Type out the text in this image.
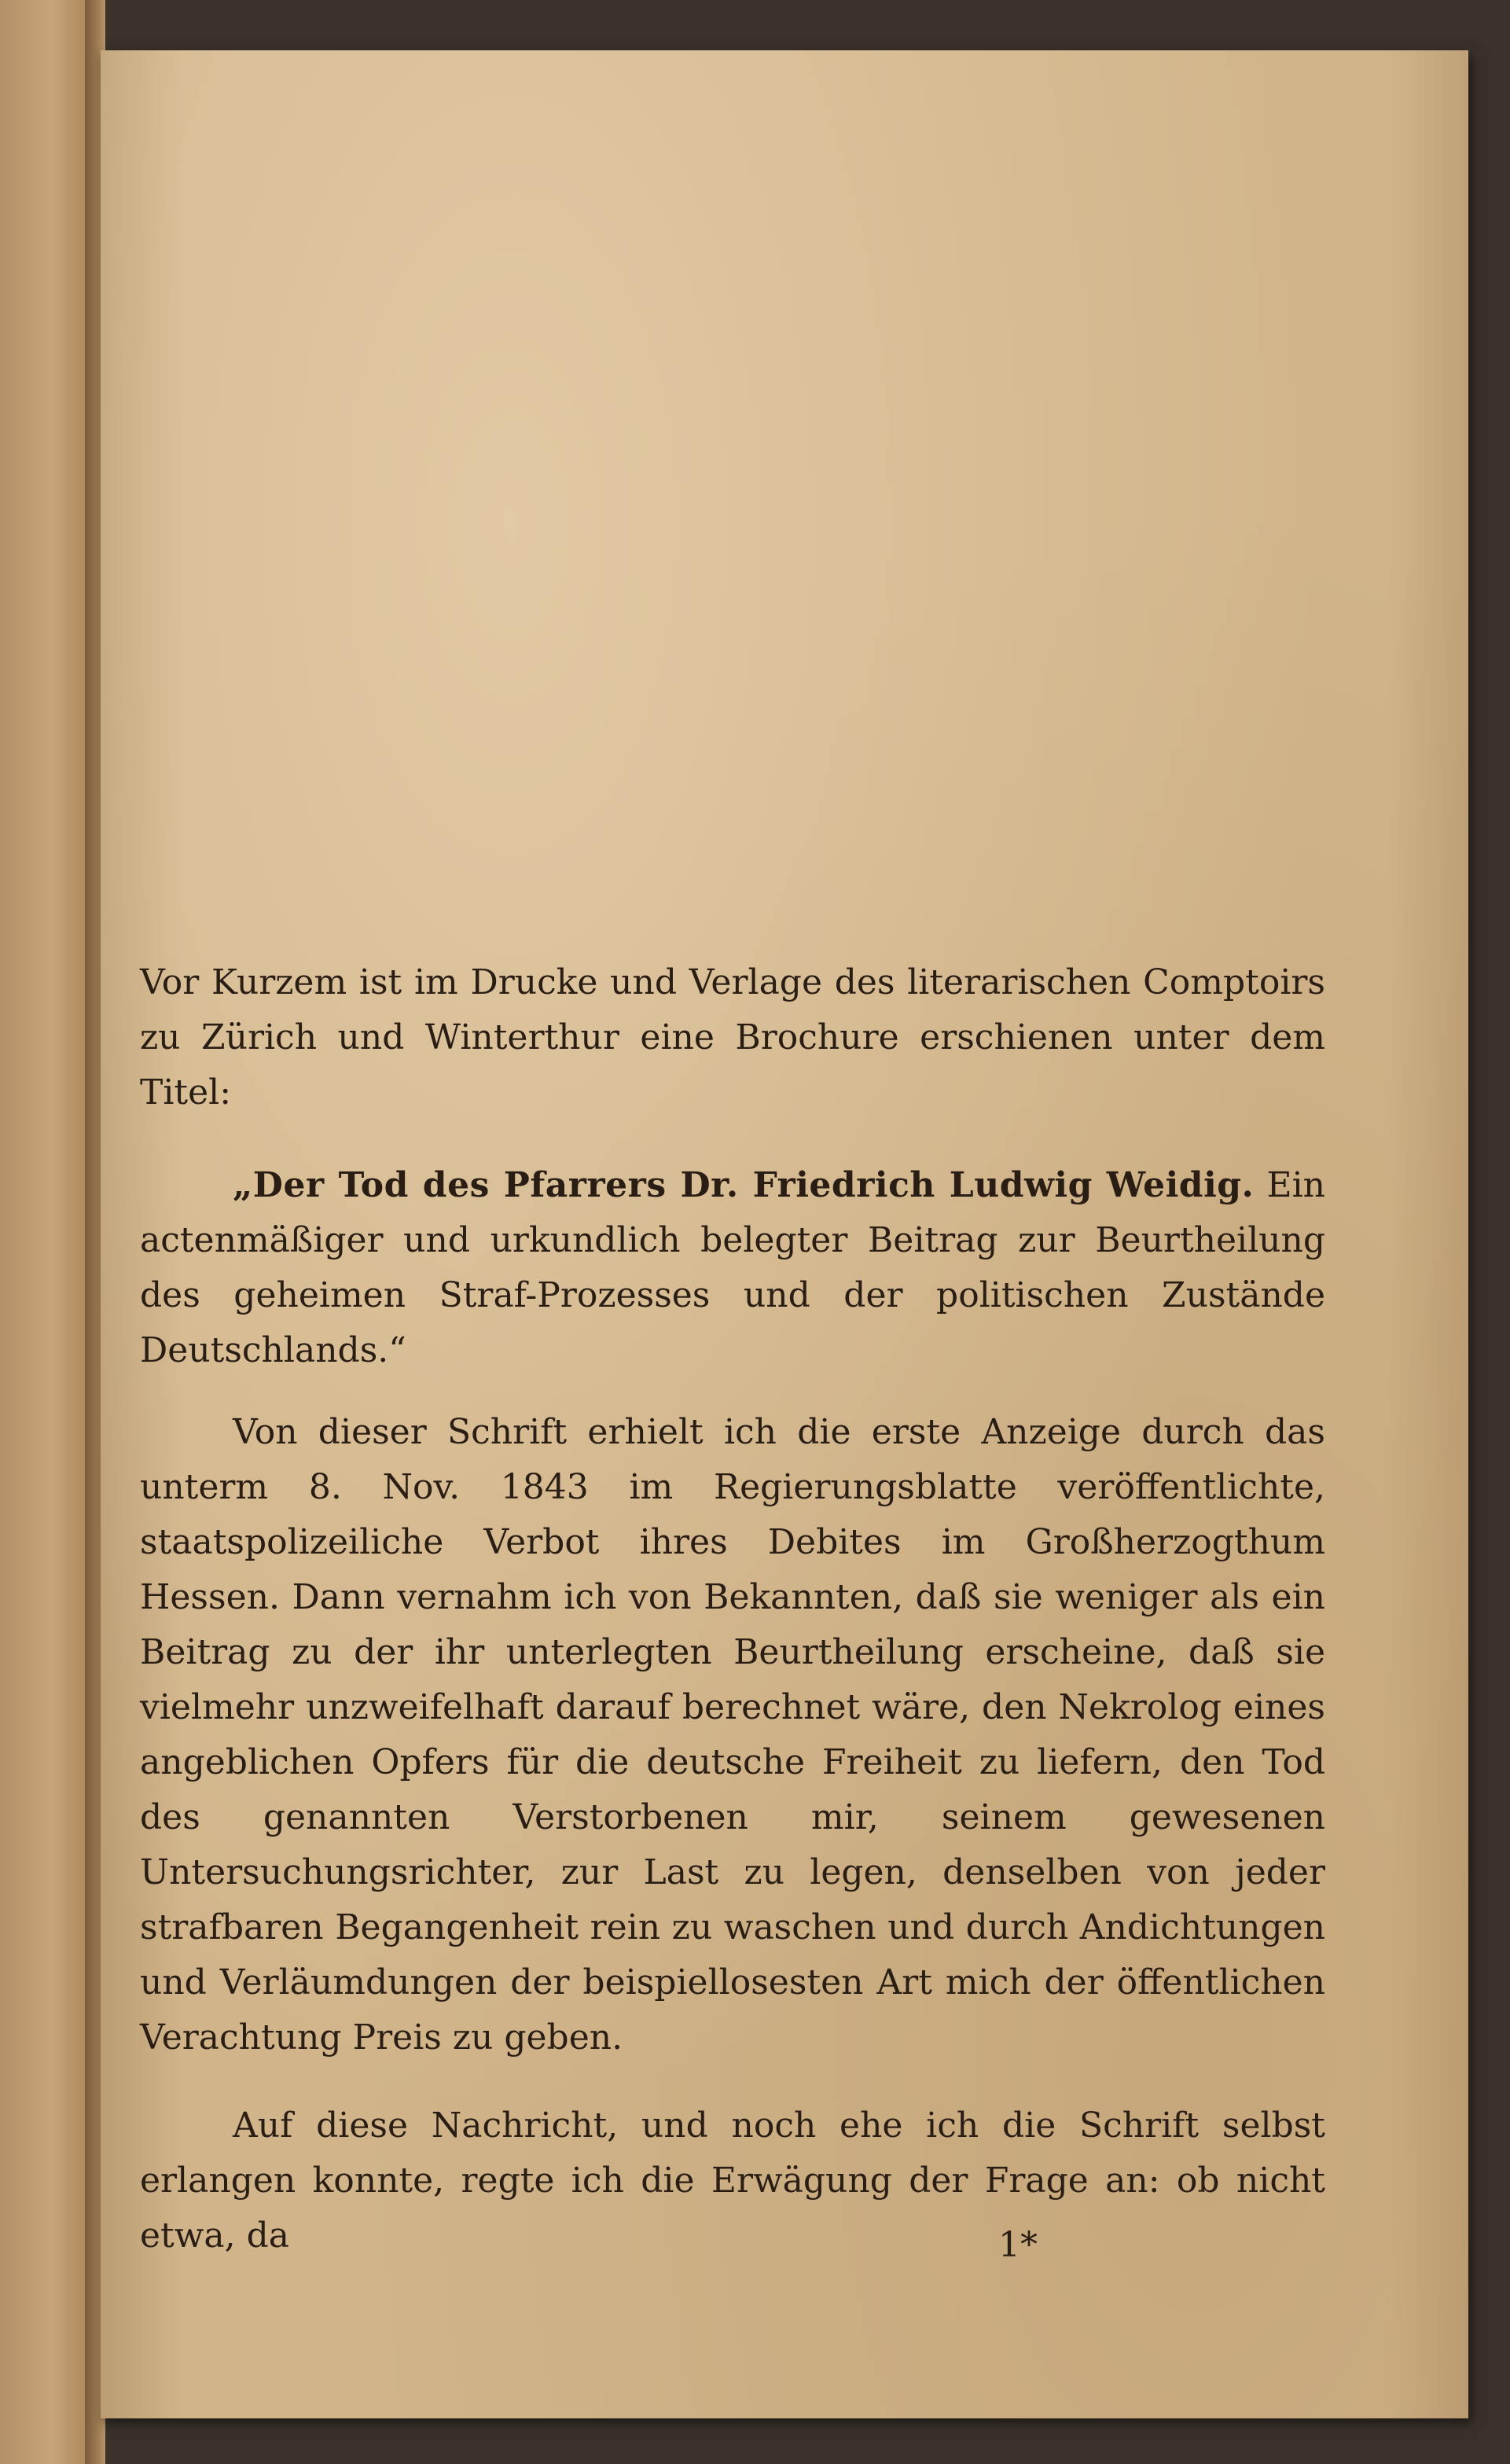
Vor Kurzem ist im Drucke und Verlage des literarischen Comptoirs zu Zürich und Winterthur eine Brochure erschienen unter dem Titel:

„Der Tod des Pfarrers Dr. Friedrich Ludwig Weidig. Ein actenmäßiger und urkundlich belegter Beitrag zur Beurtheilung des geheimen Straf-Prozesses und der politischen Zustände Deutschlands.“

Von dieser Schrift erhielt ich die erste Anzeige durch das unterm 8. Nov. 1843 im Regierungsblatte veröffentlichte, staatspolizeiliche Verbot ihres Debites im Großherzogthum Hessen. Dann vernahm ich von Bekannten, daß sie weniger als ein Beitrag zu der ihr unterlegten Beurtheilung erscheine, daß sie vielmehr unzweifelhaft darauf berechnet wäre, den Nekrolog eines angeblichen Opfers für die deutsche Freiheit zu liefern, den Tod des genannten Verstorbenen mir, seinem gewesenen Untersuchungsrichter, zur Last zu legen, denselben von jeder strafbaren Begangenheit rein zu waschen und durch Andichtungen und Verläumdungen der beispiellosesten Art mich der öffentlichen Verachtung Preis zu geben.

Auf diese Nachricht, und noch ehe ich die Schrift selbst erlangen konnte, regte ich die Erwägung der Frage an: ob nicht etwa, da	1*
